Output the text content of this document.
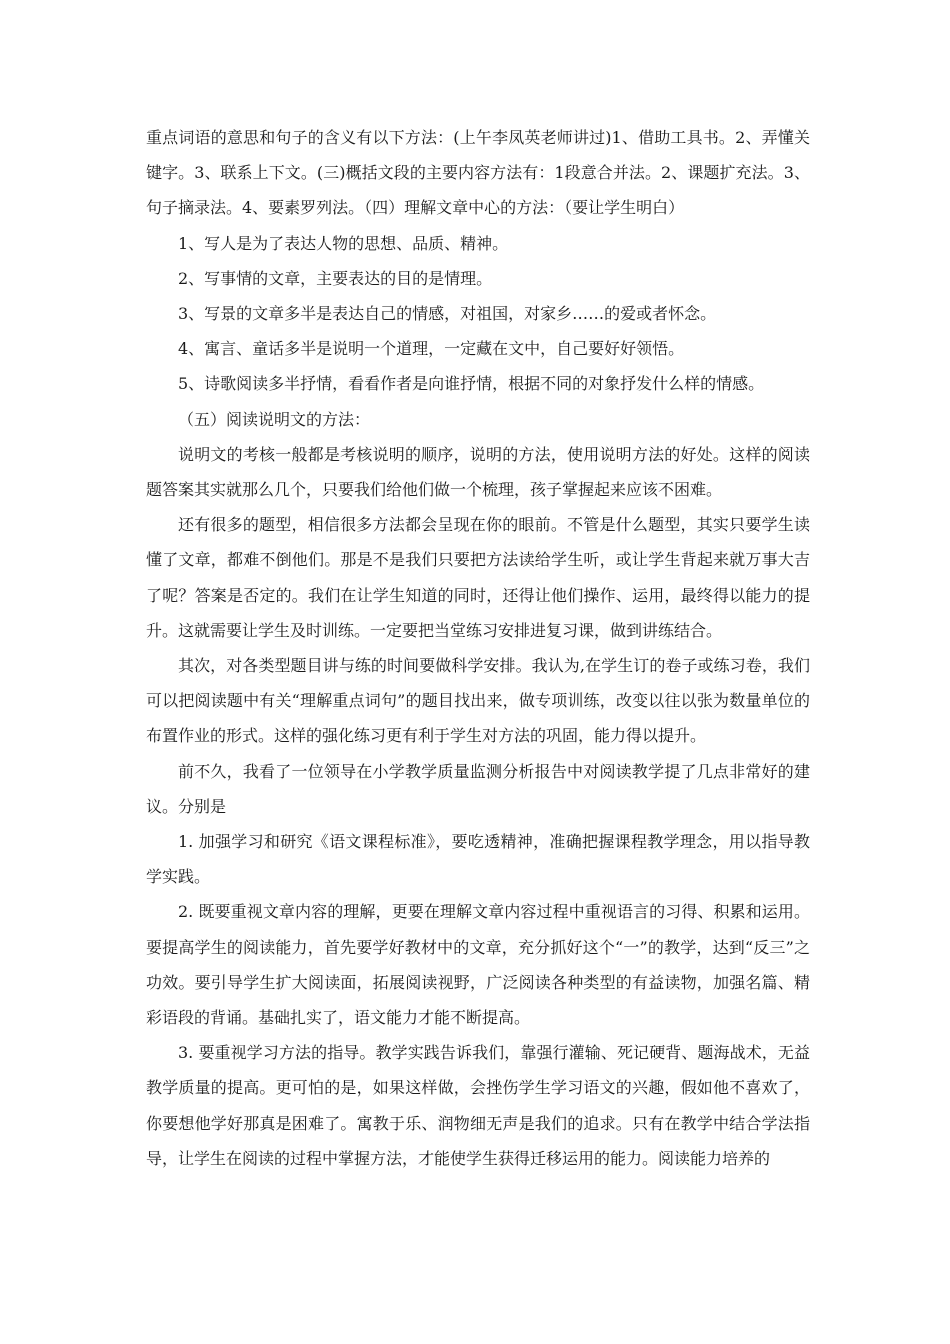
重点词语的意思和句子的含义有以下方法：(上午李凤英老师讲过)1、借助工具书。2、弄懂关键字。3、联系上下文。(三)概括文段的主要内容方法有：1段意合并法。2、课题扩充法。3、句子摘录法。4、要素罗列法。（四）理解文章中心的方法：（要让学生明白）

1、写人是为了表达人物的思想、品质、精神。

2、写事情的文章，主要表达的目的是情理。

3、写景的文章多半是表达自己的情感，对祖国，对家乡……的爱或者怀念。

4、寓言、童话多半是说明一个道理，一定藏在文中，自己要好好领悟。

5、诗歌阅读多半抒情，看看作者是向谁抒情，根据不同的对象抒发什么样的情感。

（五）阅读说明文的方法：

说明文的考核一般都是考核说明的顺序，说明的方法，使用说明方法的好处。这样的阅读题答案其实就那么几个，只要我们给他们做一个梳理，孩子掌握起来应该不困难。

还有很多的题型，相信很多方法都会呈现在你的眼前。不管是什么题型，其实只要学生读懂了文章，都难不倒他们。那是不是我们只要把方法读给学生听，或让学生背起来就万事大吉了呢？答案是否定的。我们在让学生知道的同时，还得让他们操作、运用，最终得以能力的提升。这就需要让学生及时训练。一定要把当堂练习安排进复习课，做到讲练结合。

其次，对各类型题目讲与练的时间要做科学安排。我认为,在学生订的卷子或练习卷，我们可以把阅读题中有关“理解重点词句”的题目找出来，做专项训练，改变以往以张为数量单位的布置作业的形式。这样的强化练习更有利于学生对方法的巩固，能力得以提升。

前不久，我看了一位领导在小学教学质量监测分析报告中对阅读教学提了几点非常好的建议。分别是

1. 加强学习和研究《语文课程标准》，要吃透精神，准确把握课程教学理念，用以指导教学实践。

2. 既要重视文章内容的理解，更要在理解文章内容过程中重视语言的习得、积累和运用。要提高学生的阅读能力，首先要学好教材中的文章，充分抓好这个“一”的教学，达到“反三”之功效。要引导学生扩大阅读面，拓展阅读视野，广泛阅读各种类型的有益读物，加强名篇、精彩语段的背诵。基础扎实了，语文能力才能不断提高。

3. 要重视学习方法的指导。教学实践告诉我们，靠强行灌输、死记硬背、题海战术，无益教学质量的提高。更可怕的是，如果这样做，会挫伤学生学习语文的兴趣，假如他不喜欢了，你要想他学好那真是困难了。寓教于乐、润物细无声是我们的追求。只有在教学中结合学法指导，让学生在阅读的过程中掌握方法，才能使学生获得迁移运用的能力。阅读能力培养的
